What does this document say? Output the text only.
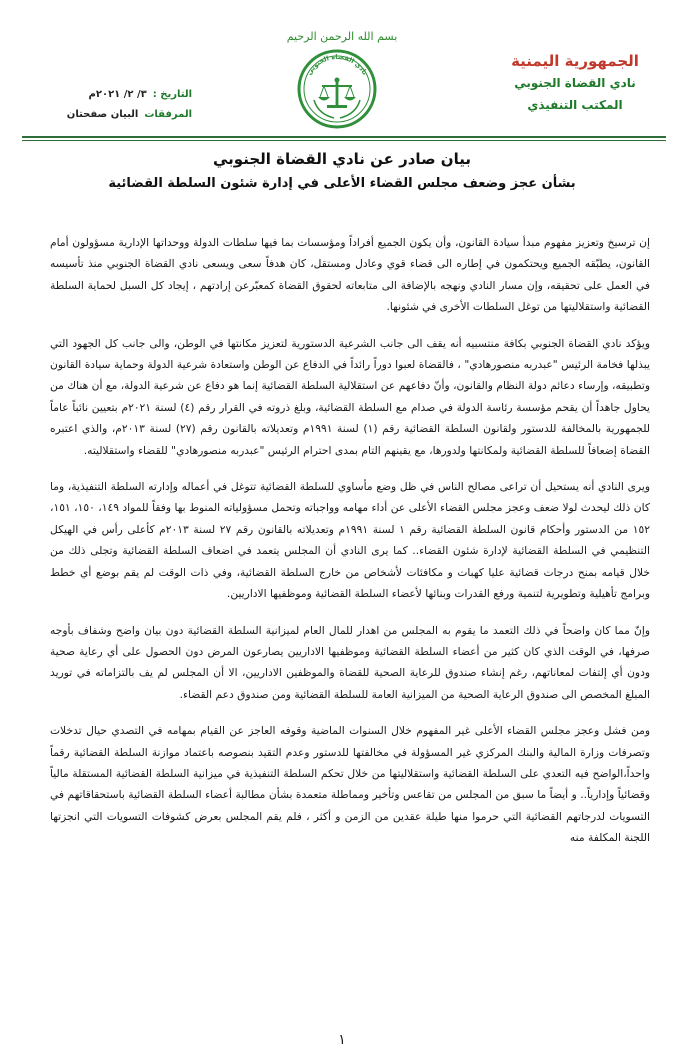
بسم الله الرحمن الرحيم
الجمهورية اليمنية
نادي القضاة الجنوبي
المكتب التنفيذي
نادي القضاة الجنوبي
التاريخ :
٣/ ٢/ ٢٠٢١م
المرفقات
البيان صفحتان
بيان صادر عن نادي القضاة الجنوبي
بشأن عجز وضعف مجلس القضاء الأعلى في إدارة شئون السلطة القضائية

إن ترسيخ وتعزيز مفهوم مبدأ سيادة القانون، وأن يكون الجميع أفراداً ومؤسسات بما فيها سلطات الدولة ووحداتها الإدارية مسؤولون أمام القانون، يطبّقه الجميع ويحتكمون في إطاره الى قضاء قوي وعادل ومستقل، كان هدفاً سعى ويسعى نادي القضاة الجنوبي منذ تأسيسه في العمل على تحقيقه، وإن مسار النادي ونهجه بالإضافة الى متابعاته لحقوق القضاة كمعبّرعن إرادتهم ، إيجاد كل السبل لحماية السلطة القضائية واستقلاليتها من توغل السلطات الأخرى في شئونها.

ويؤكد نادي القضاة الجنوبي بكافة منتسبيه أنه يقف الى جانب الشرعية الدستورية لتعزيز مكانتها في الوطن، والى جانب كل الجهود التي يبذلها فخامة الرئيس "عبدربه منصورهادي" ، فالقضاة لعبوا دوراً رائداً في الدفاع عن الوطن واستعادة شرعية الدولة وحماية سيادة القانون وتطبيقه، وإرساء دعائم دولة النظام والقانون، وأنّ دفاعهم عن استقلالية السلطة القضائية إنما هو دفاع عن شرعية الدولة، مع أن هناك من يحاول جاهداً أن يقحم مؤسسة رئاسة الدولة في صدام مع السلطة القضائية، وبلغ ذروته في القرار رقم (٤) لسنة ٢٠٢١م بتعيين نائباً عاماً للجمهورية بالمخالفة للدستور ولقانون السلطة القضائية رقم (١) لسنة ١٩٩١م وتعديلاته بالقانون رقم (٢٧) لسنة ٢٠١٣م، والذي اعتبره القضاة إضعافاً للسلطة القضائية ولمكانتها ولدورها، مع يقينهم التام بمدى احترام الرئيس "عبدربه منصورهادي" للقضاء واستقلاليته.

ويرى النادي أنه يستحيل أن تراعى مصالح الناس في ظل وضع مأساوي للسلطة القضائية تتوغل في أعماله وإدارته السلطة التنفيذية، وما كان ذلك ليحدث لولا ضعف وعجز مجلس القضاء الأعلى عن أداء مهامه وواجباته وتحمل مسؤولياته المنوط بها وفقاً للمواد ١٤٩، ١٥٠، ١٥١، ١٥٢ من الدستور وأحكام قانون السلطة القضائية رقم ١ لسنة ١٩٩١م وتعديلاته بالقانون رقم ٢٧ لسنة ٢٠١٣م كأعلى رأس في الهيكل التنظيمي في السلطة القضائية لإدارة شئون القضاء.. كما يرى النادي أن المجلس يتعمد في اضعاف السلطة القضائية وتجلى ذلك من خلال قيامه بمنح درجات قضائية عليا كهبات و مكافئات لأشخاص من خارج السلطة القضائية، وفي ذات الوقت لم يقم بوضع أي خطط وبرامج تأهيلية وتطويرية لتنمية ورفع القدرات وبنائها لأعضاء السلطة القضائية وموظفيها الاداريين.

وإنّ مما كان واضحاً في ذلك التعمد ما يقوم به المجلس من اهدار للمال العام لميزانية السلطة القضائية دون بيان واضح وشفاف بأوجه صرفها، في الوقت الذي كان كثير من أعضاء السلطة القضائية وموظفيها الاداريين يصارعون المرض دون الحصول على أي رعاية صحية ودون أي إلتفات لمعاناتهم، رغم إنشاء صندوق للرعاية الصحية للقضاة والموظفين الاداريين، الا أن المجلس لم يف بالتزاماته في توريد المبلغ المخصص الى صندوق الرعاية الصحية من الميزانية العامة للسلطة القضائية ومن صندوق دعم القضاء.

ومن فشل وعجز مجلس القضاء الأعلى غير المفهوم خلال السنوات الماضية وقوفه العاجز عن القيام بمهامه في التصدي حيال تدخلات وتصرفات وزارة المالية والبنك المركزي غير المسؤولة في مخالفتها للدستور وعدم التقيد بنصوصه باعتماد موازنة السلطة القضائية رقماً واحداً،الواضح فيه التعدي على السلطة القضائية واستقلاليتها من خلال تحكم السلطة التنفيذية في ميزانية السلطة القضائية المستقلة مالياً وقضائياً وإدارياً.. و أيضاً ما سبق من المجلس من تقاعس وتأخير ومماطلة متعمدة بشأن مطالبة أعضاء السلطة القضائية باستحقاقاتهم في التسويات لدرجاتهم القضائية التي حرموا منها طيلة عقدين من الزمن و أكثر ، فلم يقم المجلس بعرض كشوفات التسويات التي انجزتها اللجنة المكلفة منه

١
